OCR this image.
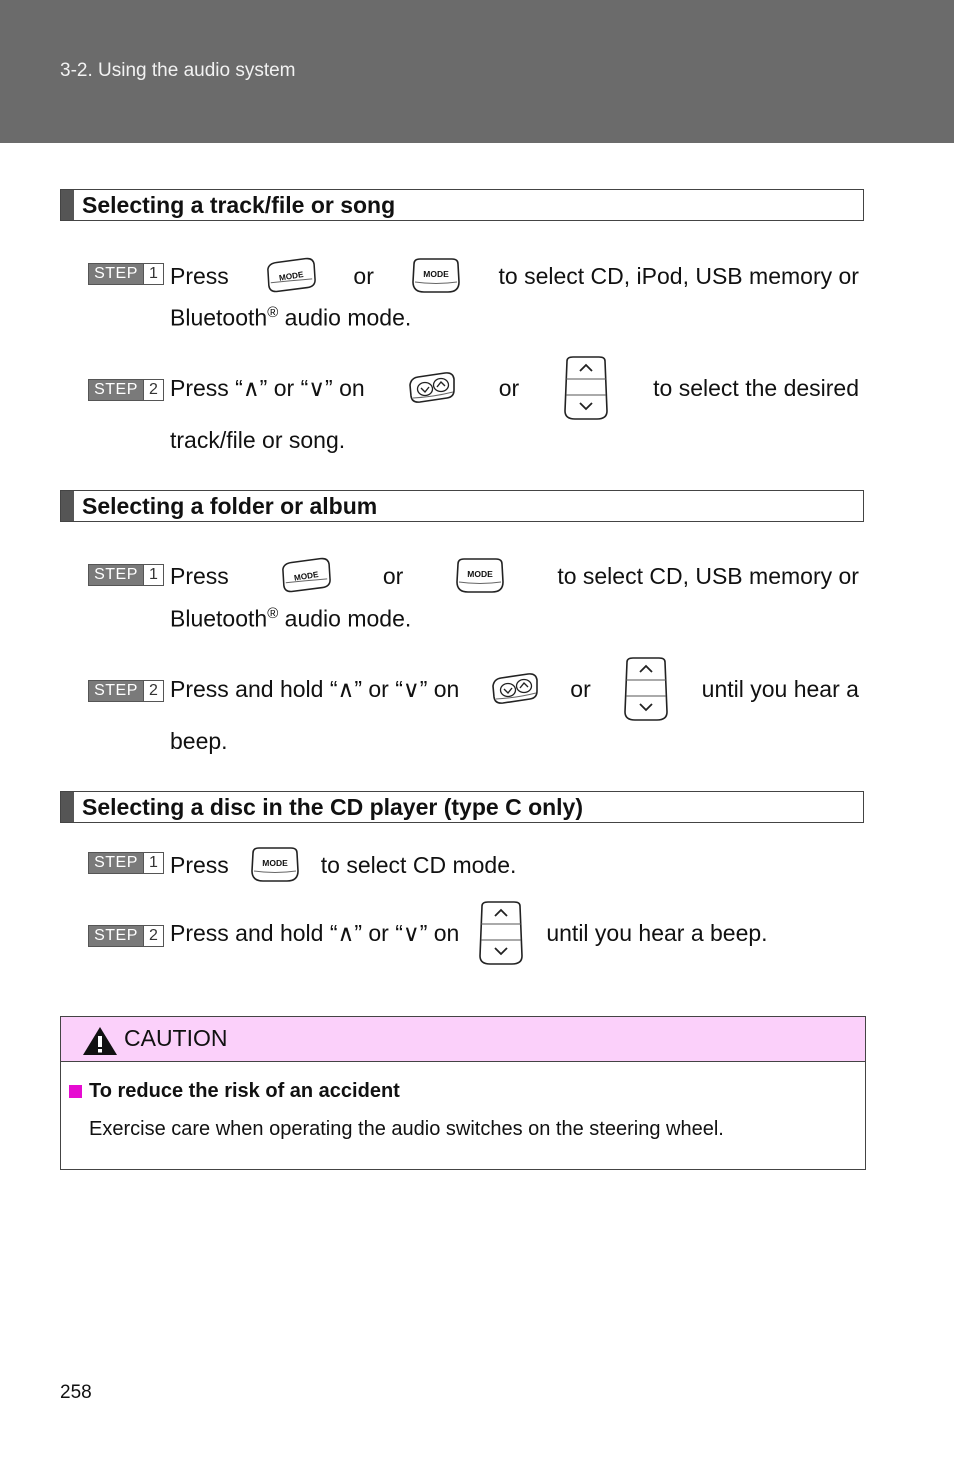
3-2. Using the audio system
Selecting a track/file or song
STEP 1 Press	or	to select CD, iPod, USB memory or
Bluetooth® audio mode.
STEP 2 Press “∧” or “∨” on	or	to select the desired
track/file or song.
Selecting a folder or album
STEP 1 Press	or	to select CD, USB memory or
Bluetooth® audio mode.
STEP 2 Press and hold “∧” or “∨” on	or	until you hear a
beep.
Selecting a disc in the CD player (type C only)
STEP 1 Press	to select CD mode.
STEP 2 Press and hold “∧” or “∨” on	until you hear a beep.
CAUTION
To reduce the risk of an accident
Exercise care when operating the audio switches on the steering wheel.
258
